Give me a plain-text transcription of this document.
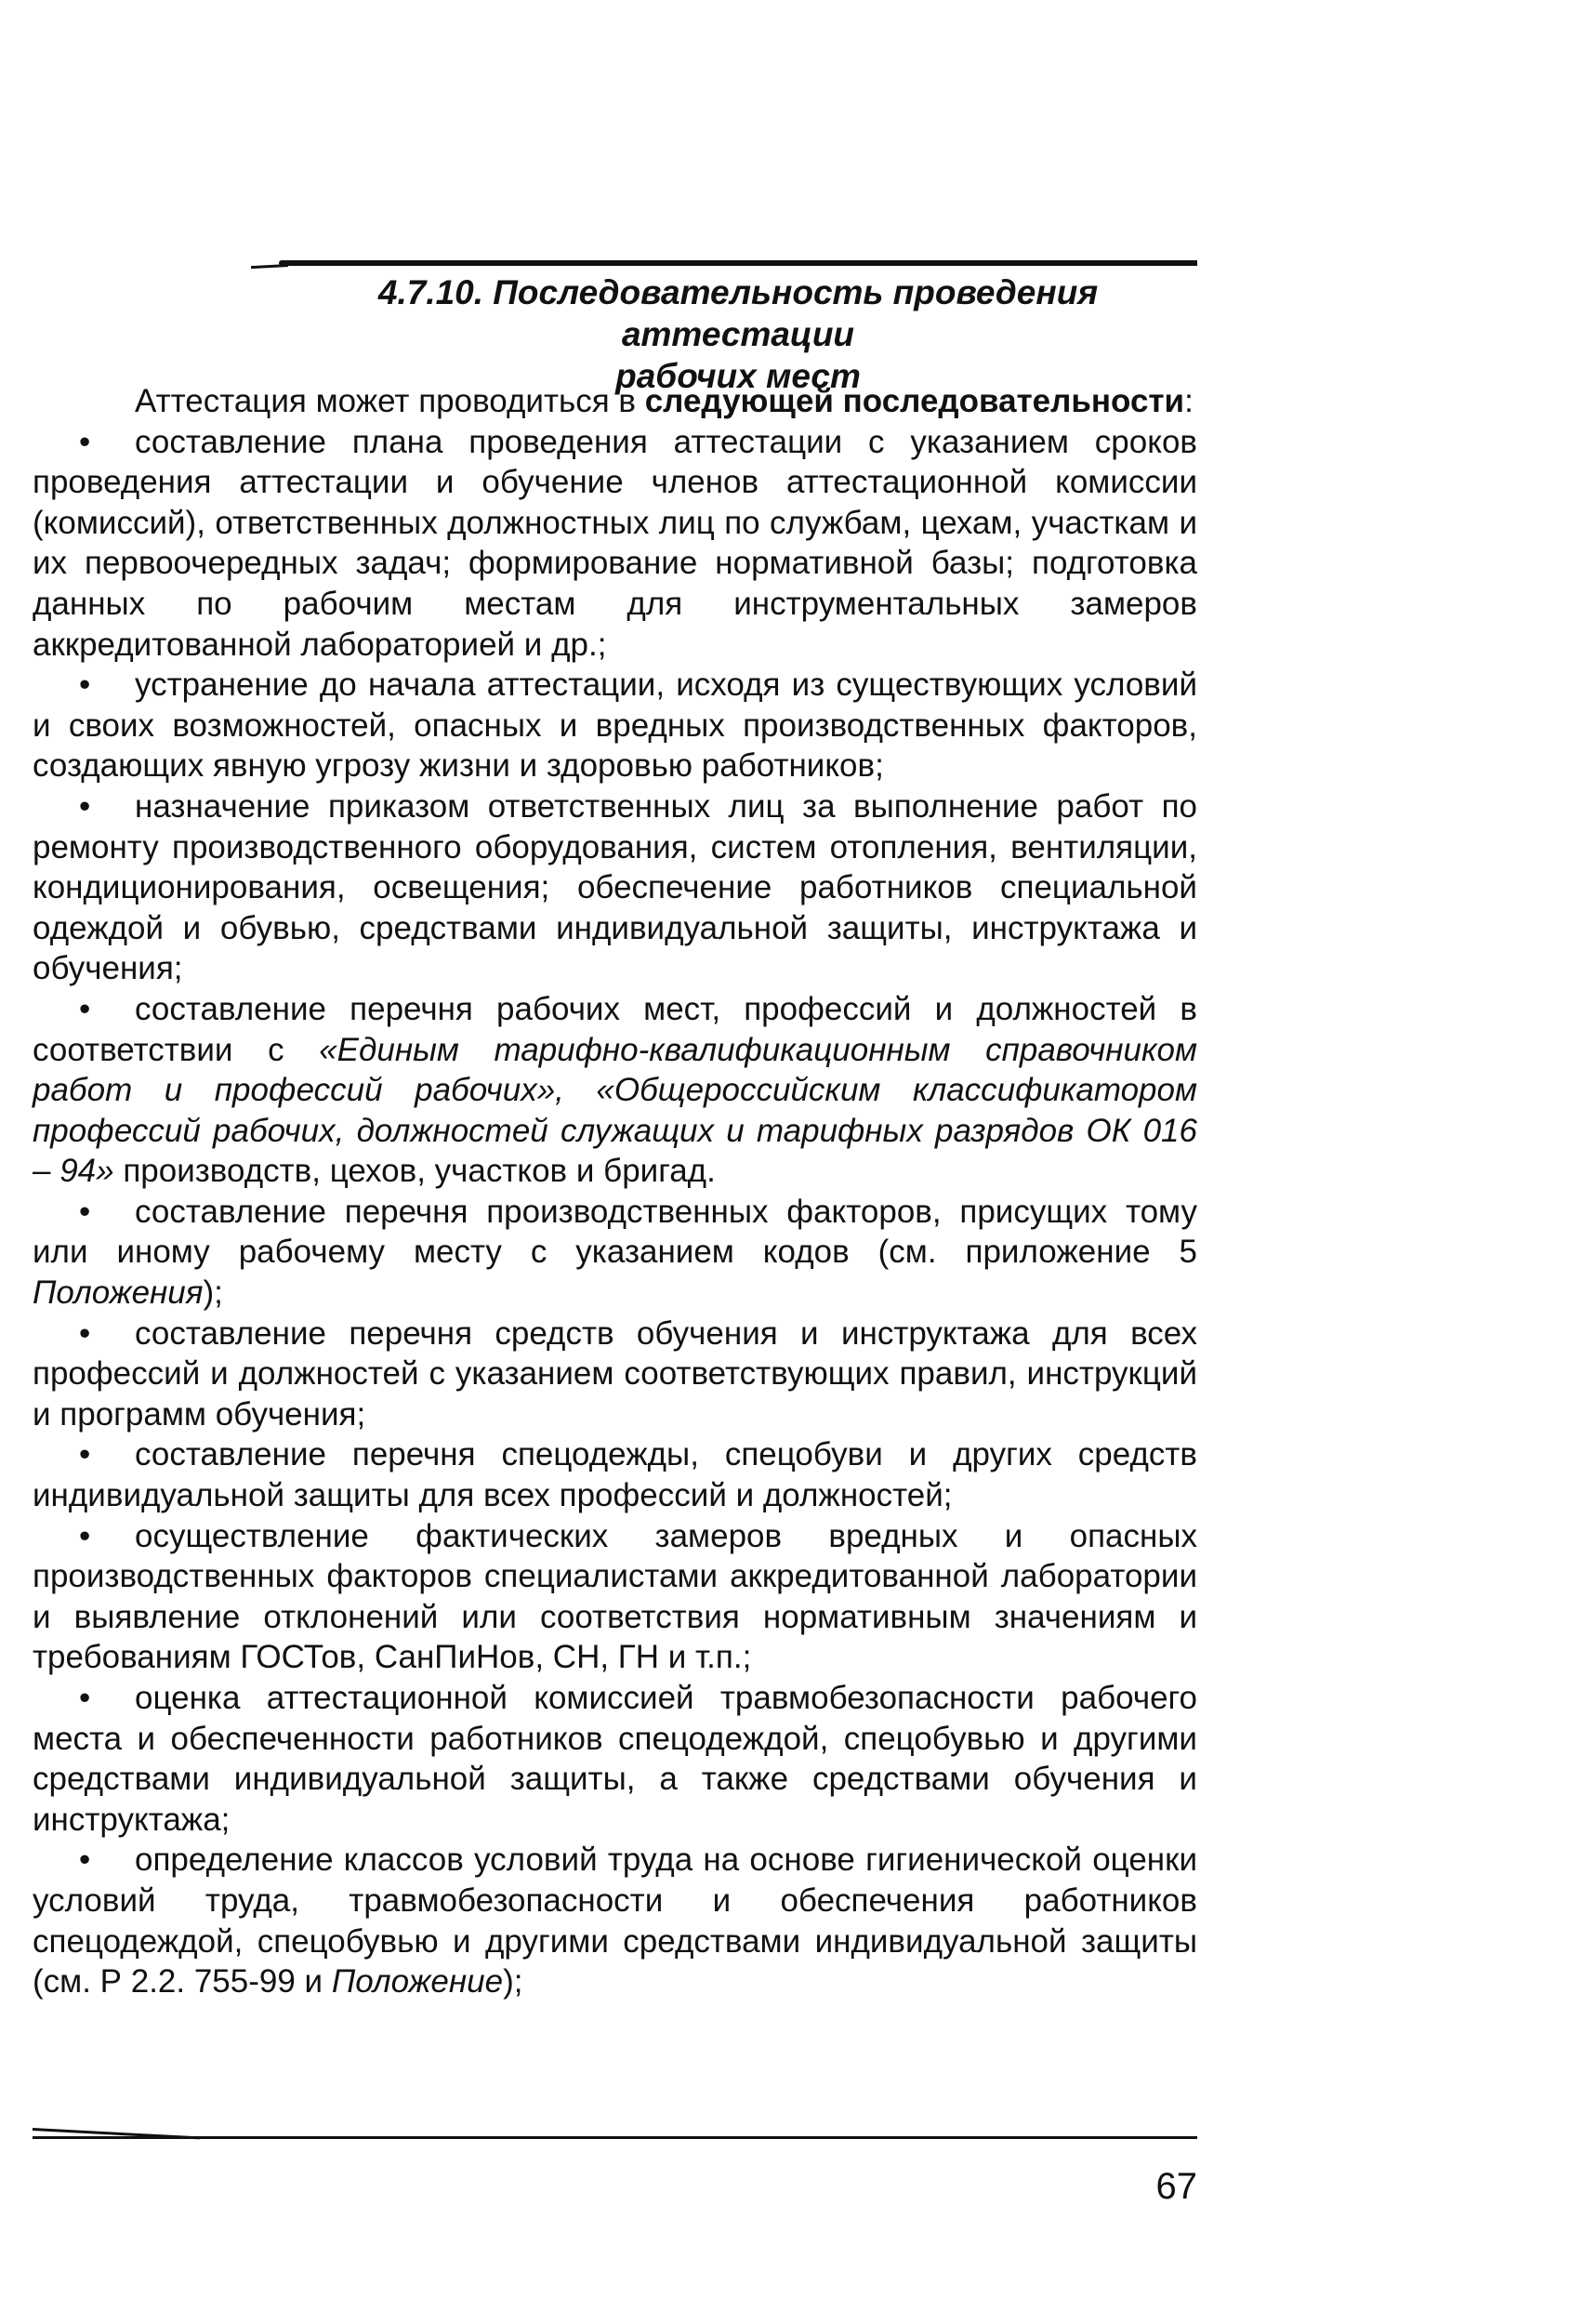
4.7.10. Последовательность проведения аттестации
рабочих мест

Аттестация может проводиться в следующей последовательности:

• составление плана проведения аттестации с указанием сроков проведения аттестации и обучение членов аттестационной комиссии (комиссий), ответственных должностных лиц по службам, цехам, участкам и их первоочередных задач; формирование нормативной базы; подготовка данных по рабочим местам для инструментальных замеров аккредитованной лабораторией и др.;

• устранение до начала аттестации, исходя из существующих условий и своих возможностей, опасных и вредных производственных факторов, создающих явную угрозу жизни и здоровью работников;

• назначение приказом ответственных лиц за выполнение работ по ремонту производственного оборудования, систем отопления, вентиляции, кондиционирования, освещения; обеспечение работников специальной одеждой и обувью, средствами индивидуальной защиты, инструктажа и обучения;

• составление перечня рабочих мест, профессий и должностей в соответствии с «Единым тарифно-квалификационным справочником работ и профессий рабочих», «Общероссийским классификатором профессий рабочих, должностей служащих и тарифных разрядов ОК 016 – 94» производств, цехов, участков и бригад.

• составление перечня производственных факторов, присущих тому или иному рабочему месту с указанием кодов (см. приложение 5 Положения);

• составление перечня средств обучения и инструктажа для всех профессий и должностей с указанием соответствующих правил, инструкций и программ обучения;

• составление перечня спецодежды, спецобуви и других средств индивидуальной защиты для всех профессий и должностей;

• осуществление фактических замеров вредных и опасных производственных факторов специалистами аккредитованной лаборатории и выявление отклонений или соответствия нормативным значениям и требованиям ГОСТов, СанПиНов, СН, ГН и т.п.;

• оценка аттестационной комиссией травмобезопасности рабочего места и обеспеченности работников спецодеждой, спецобувью и другими средствами индивидуальной защиты, а также средствами обучения и инструктажа;

• определение классов условий труда на основе гигиенической оценки условий труда, травмобезопасности и обеспечения работников спецодеждой, спецобувью и другими средствами индивидуальной защиты (см. Р 2.2. 755-99 и Положение);

67
